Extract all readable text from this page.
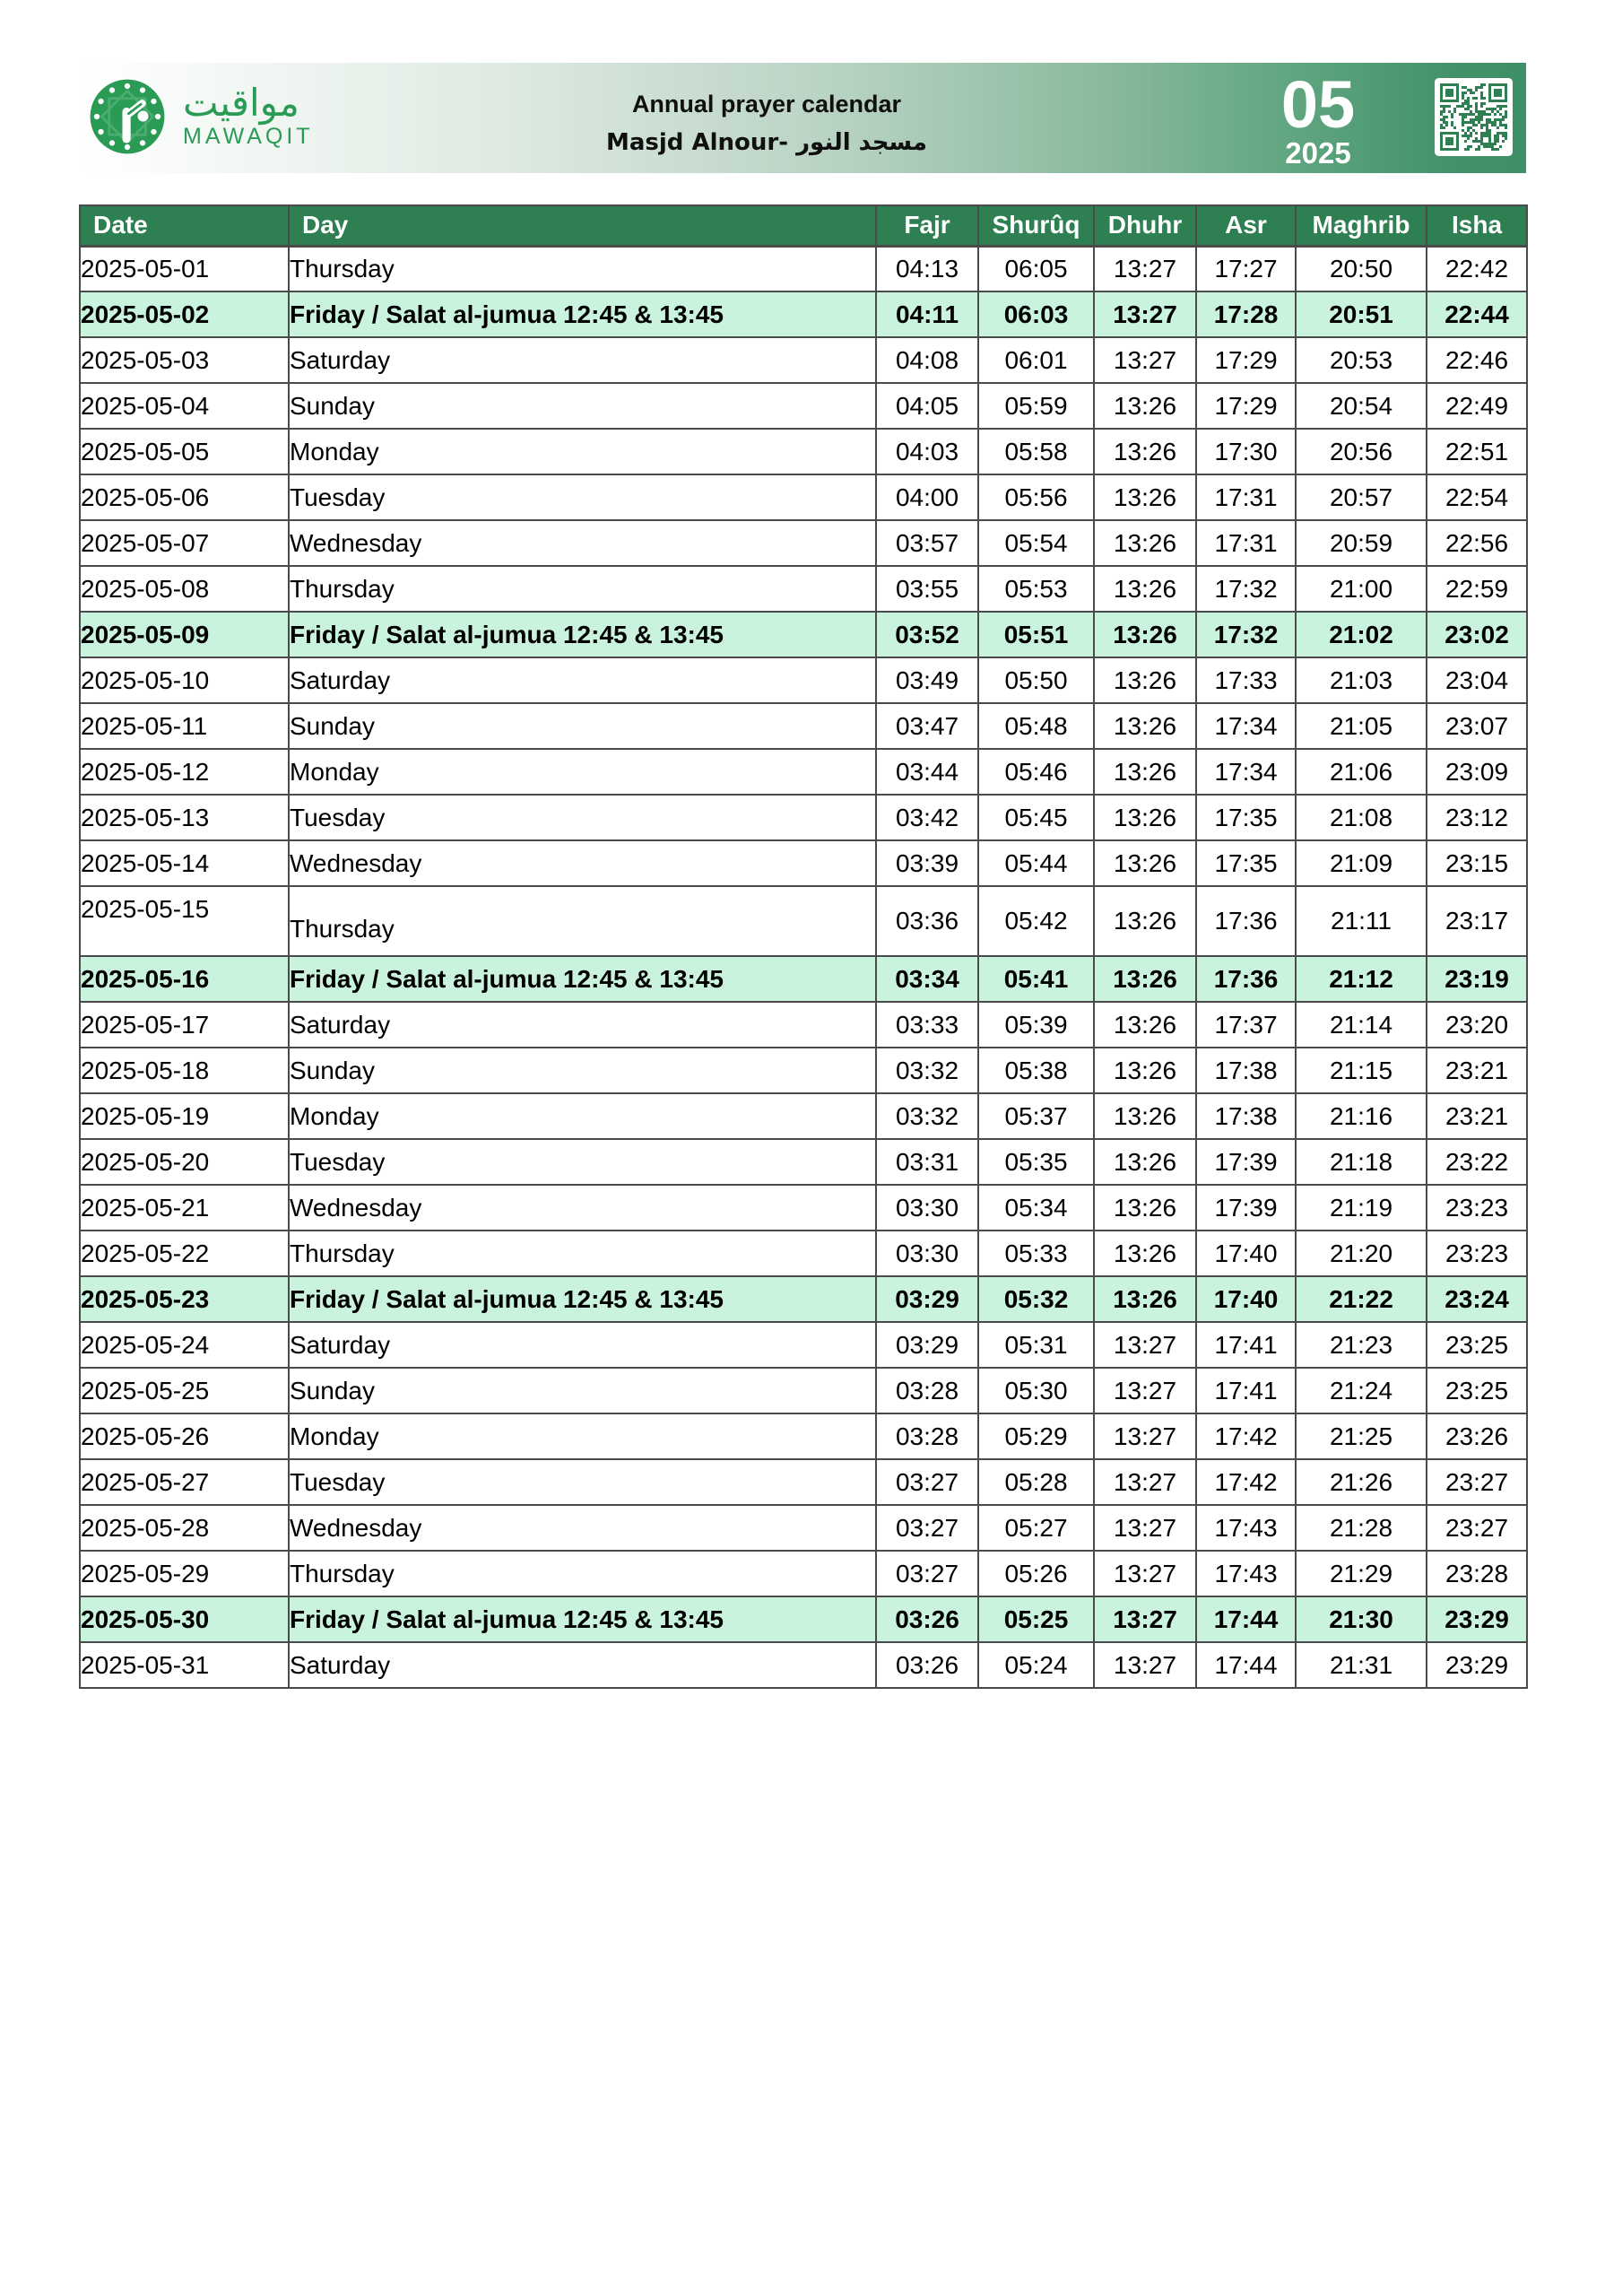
مواقيت
MAWAQIT
Annual prayer calendar
Masjd Alnour- مسجد النور
05
2025
Date	Day	Fajr	Shurûq	Dhuhr	Asr	Maghrib	Isha
2025-05-01	Thursday	04:13	06:05	13:27	17:27	20:50	22:42
2025-05-02	Friday / Salat al-jumua 12:45 & 13:45	04:11	06:03	13:27	17:28	20:51	22:44
2025-05-03	Saturday	04:08	06:01	13:27	17:29	20:53	22:46
2025-05-04	Sunday	04:05	05:59	13:26	17:29	20:54	22:49
2025-05-05	Monday	04:03	05:58	13:26	17:30	20:56	22:51
2025-05-06	Tuesday	04:00	05:56	13:26	17:31	20:57	22:54
2025-05-07	Wednesday	03:57	05:54	13:26	17:31	20:59	22:56
2025-05-08	Thursday	03:55	05:53	13:26	17:32	21:00	22:59
2025-05-09	Friday / Salat al-jumua 12:45 & 13:45	03:52	05:51	13:26	17:32	21:02	23:02
2025-05-10	Saturday	03:49	05:50	13:26	17:33	21:03	23:04
2025-05-11	Sunday	03:47	05:48	13:26	17:34	21:05	23:07
2025-05-12	Monday	03:44	05:46	13:26	17:34	21:06	23:09
2025-05-13	Tuesday	03:42	05:45	13:26	17:35	21:08	23:12
2025-05-14	Wednesday	03:39	05:44	13:26	17:35	21:09	23:15
2025-05-15	Thursday	03:36	05:42	13:26	17:36	21:11	23:17
2025-05-16	Friday / Salat al-jumua 12:45 & 13:45	03:34	05:41	13:26	17:36	21:12	23:19
2025-05-17	Saturday	03:33	05:39	13:26	17:37	21:14	23:20
2025-05-18	Sunday	03:32	05:38	13:26	17:38	21:15	23:21
2025-05-19	Monday	03:32	05:37	13:26	17:38	21:16	23:21
2025-05-20	Tuesday	03:31	05:35	13:26	17:39	21:18	23:22
2025-05-21	Wednesday	03:30	05:34	13:26	17:39	21:19	23:23
2025-05-22	Thursday	03:30	05:33	13:26	17:40	21:20	23:23
2025-05-23	Friday / Salat al-jumua 12:45 & 13:45	03:29	05:32	13:26	17:40	21:22	23:24
2025-05-24	Saturday	03:29	05:31	13:27	17:41	21:23	23:25
2025-05-25	Sunday	03:28	05:30	13:27	17:41	21:24	23:25
2025-05-26	Monday	03:28	05:29	13:27	17:42	21:25	23:26
2025-05-27	Tuesday	03:27	05:28	13:27	17:42	21:26	23:27
2025-05-28	Wednesday	03:27	05:27	13:27	17:43	21:28	23:27
2025-05-29	Thursday	03:27	05:26	13:27	17:43	21:29	23:28
2025-05-30	Friday / Salat al-jumua 12:45 & 13:45	03:26	05:25	13:27	17:44	21:30	23:29
2025-05-31	Saturday	03:26	05:24	13:27	17:44	21:31	23:29
